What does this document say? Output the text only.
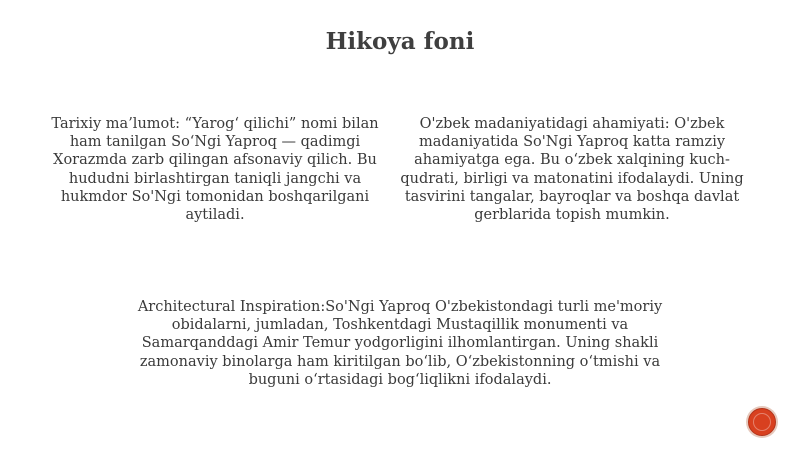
Hikoya foni

Tarixiy ma’lumot: “Yarog‘ qilichi” nomi bilan ham tanilgan So‘Ngi Yaproq — qadimgi Xorazmda zarb qilingan afsonaviy qilich. Bu hududni birlashtirgan taniqli jangchi va hukmdor So'Ngi tomonidan boshqarilgani aytiladi.

O'zbek madaniyatidagi ahamiyati: O'zbek madaniyatida So'Ngi Yaproq katta ramziy ahamiyatga ega. Bu o‘zbek xalqining kuch-qudrati, birligi va matonatini ifodalaydi. Uning tasvirini tangalar, bayroqlar va boshqa davlat gerblarida topish mumkin.

Architectural Inspiration:So'Ngi Yaproq O'zbekistondagi turli me'moriy obidalarni, jumladan, Toshkentdagi Mustaqillik monumenti va Samarqanddagi Amir Temur yodgorligini ilhomlantirgan. Uning shakli zamonaviy binolarga ham kiritilgan bo‘lib, O‘zbekistonning o‘tmishi va buguni o‘rtasidagi bog‘liqlikni ifodalaydi.
